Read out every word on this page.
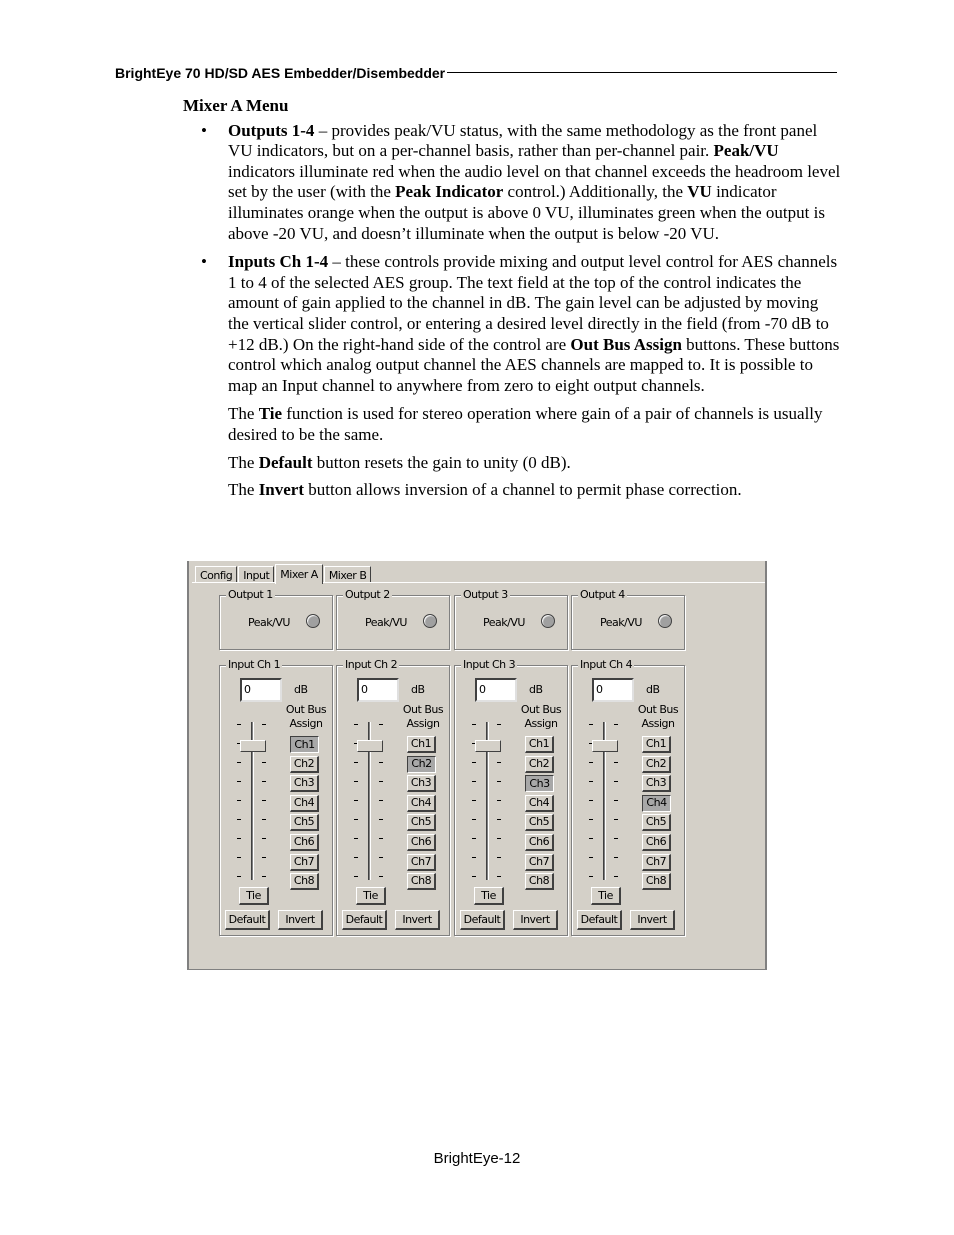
BrightEye 70 HD/SD AES Embedder/Disembedder

Mixer A Menu

• Outputs 1-4 – provides peak/VU status, with the same methodology as the front panel VU indicators, but on a per-channel basis, rather than per-channel pair. Peak/VU indicators illuminate red when the audio level on that channel exceeds the headroom level set by the user (with the Peak Indicator control.) Additionally, the VU indicator illuminates orange when the output is above 0 VU, illuminates green when the output is above -20 VU, and doesn’t illuminate when the output is below -20 VU.
• Inputs Ch 1-4 – these controls provide mixing and output level control for AES channels 1 to 4 of the selected AES group. The text field at the top of the control indicates the amount of gain applied to the channel in dB. The gain level can be adjusted by moving the vertical slider control, or entering a desired level directly in the field (from -70 dB to +12 dB.) On the right-hand side of the control are Out Bus Assign buttons. These buttons control which analog output channel the AES channels are mapped to. It is possible to map an Input channel to anywhere from zero to eight output channels.
The Tie function is used for stereo operation where gain of a pair of channels is usually desired to be the same.
The Default button resets the gain to unity (0 dB).
The Invert button allows inversion of a channel to permit phase correction.
Config	Input	Mixer A	Mixer B
Output 1
Peak/VU
Output 2
Peak/VU
Output 3
Peak/VU
Output 4
Peak/VU
Input Ch 1
0	dB
Out Bus Assign
Ch1
Ch2
Ch3
Ch4
Ch5
Ch6
Ch7
Ch8
Tie
Default	Invert
Input Ch 2
0	dB
Out Bus Assign
Ch1
Ch2
Ch3
Ch4
Ch5
Ch6
Ch7
Ch8
Tie
Default	Invert
Input Ch 3
0	dB
Out Bus Assign
Ch1
Ch2
Ch3
Ch4
Ch5
Ch6
Ch7
Ch8
Tie
Default	Invert
Input Ch 4
0	dB
Out Bus Assign
Ch1
Ch2
Ch3
Ch4
Ch5
Ch6
Ch7
Ch8
Tie
Default	Invert
BrightEye-12
